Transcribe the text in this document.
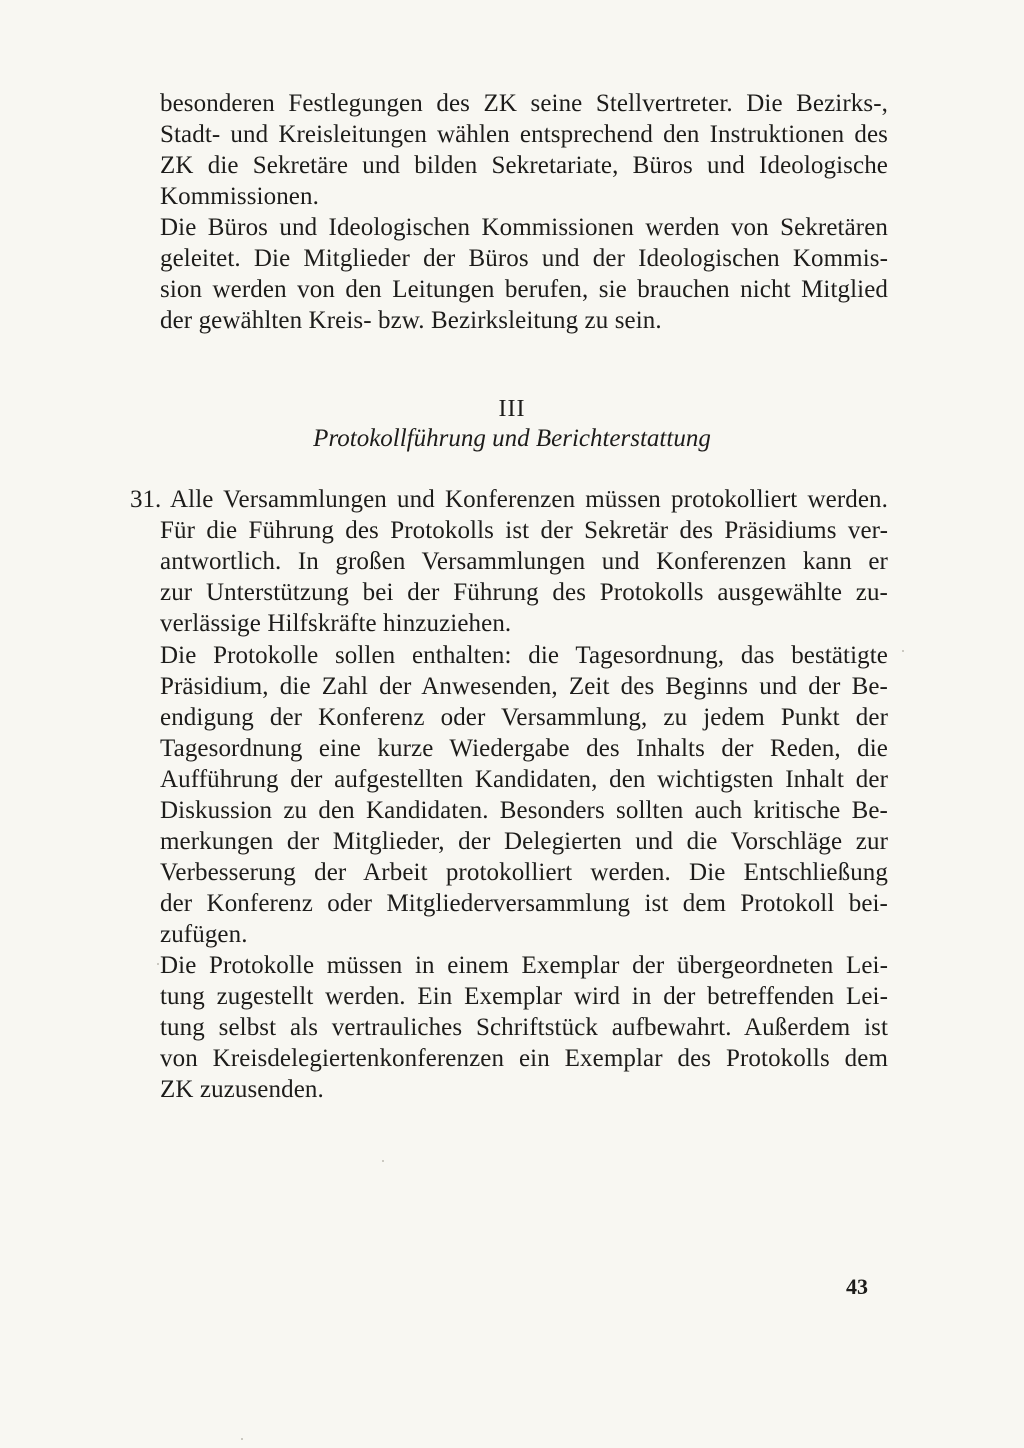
besonderen Festlegungen des ZK seine Stellvertreter. Die Bezirks-,
Stadt- und Kreisleitungen wählen entsprechend den Instruktionen des
ZK die Sekretäre und bilden Sekretariate, Büros und Ideologische
Kommissionen.
Die Büros und Ideologischen Kommissionen werden von Sekretären
geleitet. Die Mitglieder der Büros und der Ideologischen Kommis-
sion werden von den Leitungen berufen, sie brauchen nicht Mitglied
der gewählten Kreis- bzw. Bezirksleitung zu sein.
III
Protokollführung und Berichterstattung
31. Alle Versammlungen und Konferenzen müssen protokolliert werden.
Für die Führung des Protokolls ist der Sekretär des Präsidiums ver-
antwortlich. In großen Versammlungen und Konferenzen kann er
zur Unterstützung bei der Führung des Protokolls ausgewählte zu-
verlässige Hilfskräfte hinzuziehen.
Die Protokolle sollen enthalten: die Tagesordnung, das bestätigte
Präsidium, die Zahl der Anwesenden, Zeit des Beginns und der Be-
endigung der Konferenz oder Versammlung, zu jedem Punkt der
Tagesordnung eine kurze Wiedergabe des Inhalts der Reden, die
Aufführung der aufgestellten Kandidaten, den wichtigsten Inhalt der
Diskussion zu den Kandidaten. Besonders sollten auch kritische Be-
merkungen der Mitglieder, der Delegierten und die Vorschläge zur
Verbesserung der Arbeit protokolliert werden. Die Entschließung
der Konferenz oder Mitgliederversammlung ist dem Protokoll bei-
zufügen.
Die Protokolle müssen in einem Exemplar der übergeordneten Lei-
tung zugestellt werden. Ein Exemplar wird in der betreffenden Lei-
tung selbst als vertrauliches Schriftstück aufbewahrt. Außerdem ist
von Kreisdelegiertenkonferenzen ein Exemplar des Protokolls dem
ZK zuzusenden.
43
